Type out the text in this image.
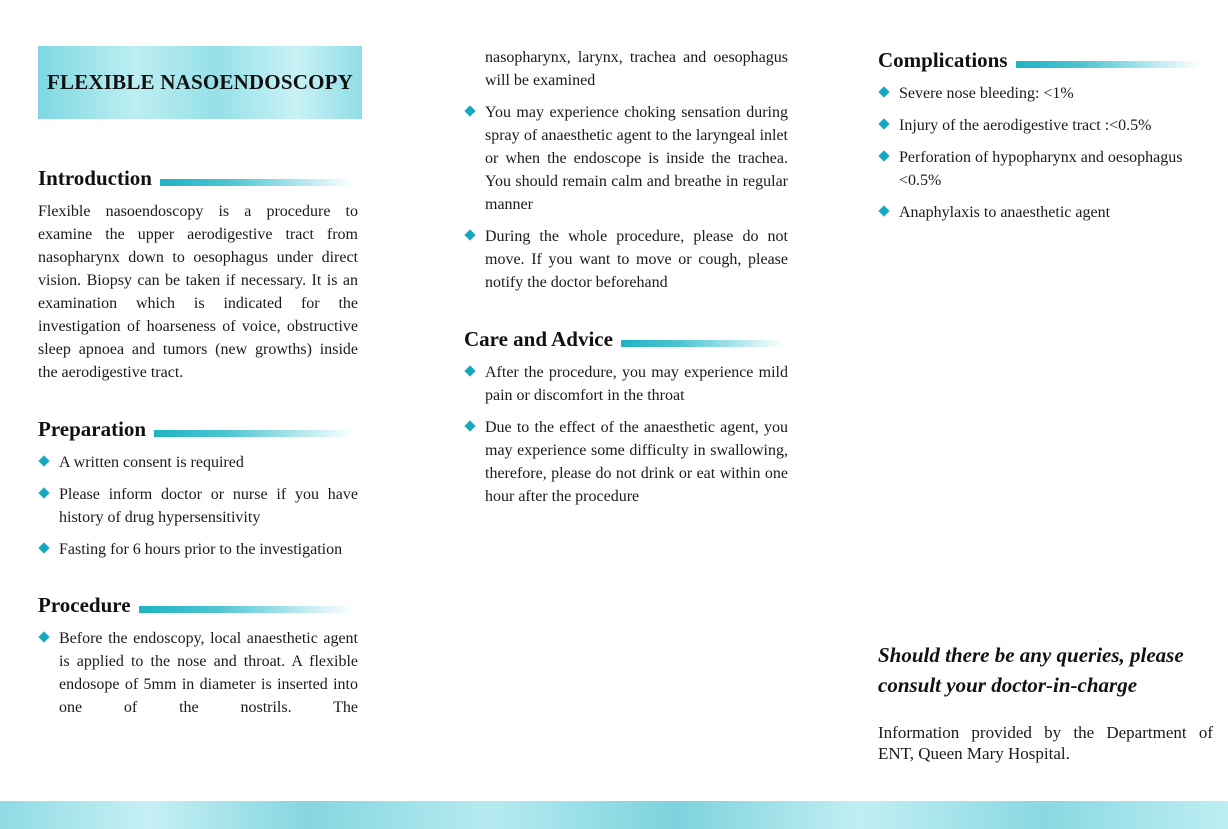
FLEXIBLE NASOENDOSCOPY
Introduction

Flexible nasoendoscopy is a procedure to examine the upper aerodigestive tract from nasopharynx down to oesophagus under direct vision. Biopsy can be taken if necessary. It is an examination which is indicated for the investigation of hoarseness of voice, obstructive sleep apnoea and tumors (new growths) inside the aerodigestive tract.

Preparation
A written consent is required
Please inform doctor or nurse if you have history of drug hypersensitivity
Fasting for 6 hours prior to the investigation
Procedure
Before the endoscopy, local anaesthetic agent is applied to the nose and throat. A flexible endosope of 5mm in diameter is inserted into one of the nostrils. The

nasopharynx, larynx, trachea and oesophagus will be examined

You may experience choking sensation during spray of anaesthetic agent to the laryngeal inlet or when the endoscope is inside the trachea. You should remain calm and breathe in regular manner
During the whole procedure, please do not move. If you want to move or cough, please notify the doctor beforehand
Care and Advice
After the procedure, you may experience mild pain or discomfort in the throat
Due to the effect of the anaesthetic agent, you may experience some difficulty in swallowing, therefore, please do not drink or eat within one hour after the procedure
Complications
Severe nose bleeding: <1%
Injury of the aerodigestive tract :<0.5%
Perforation of hypopharynx and oesophagus <0.5%
Anaphylaxis to anaesthetic agent
Should there be any queries, please consult your doctor-in-charge
Information provided by the Department of ENT, Queen Mary Hospital.
